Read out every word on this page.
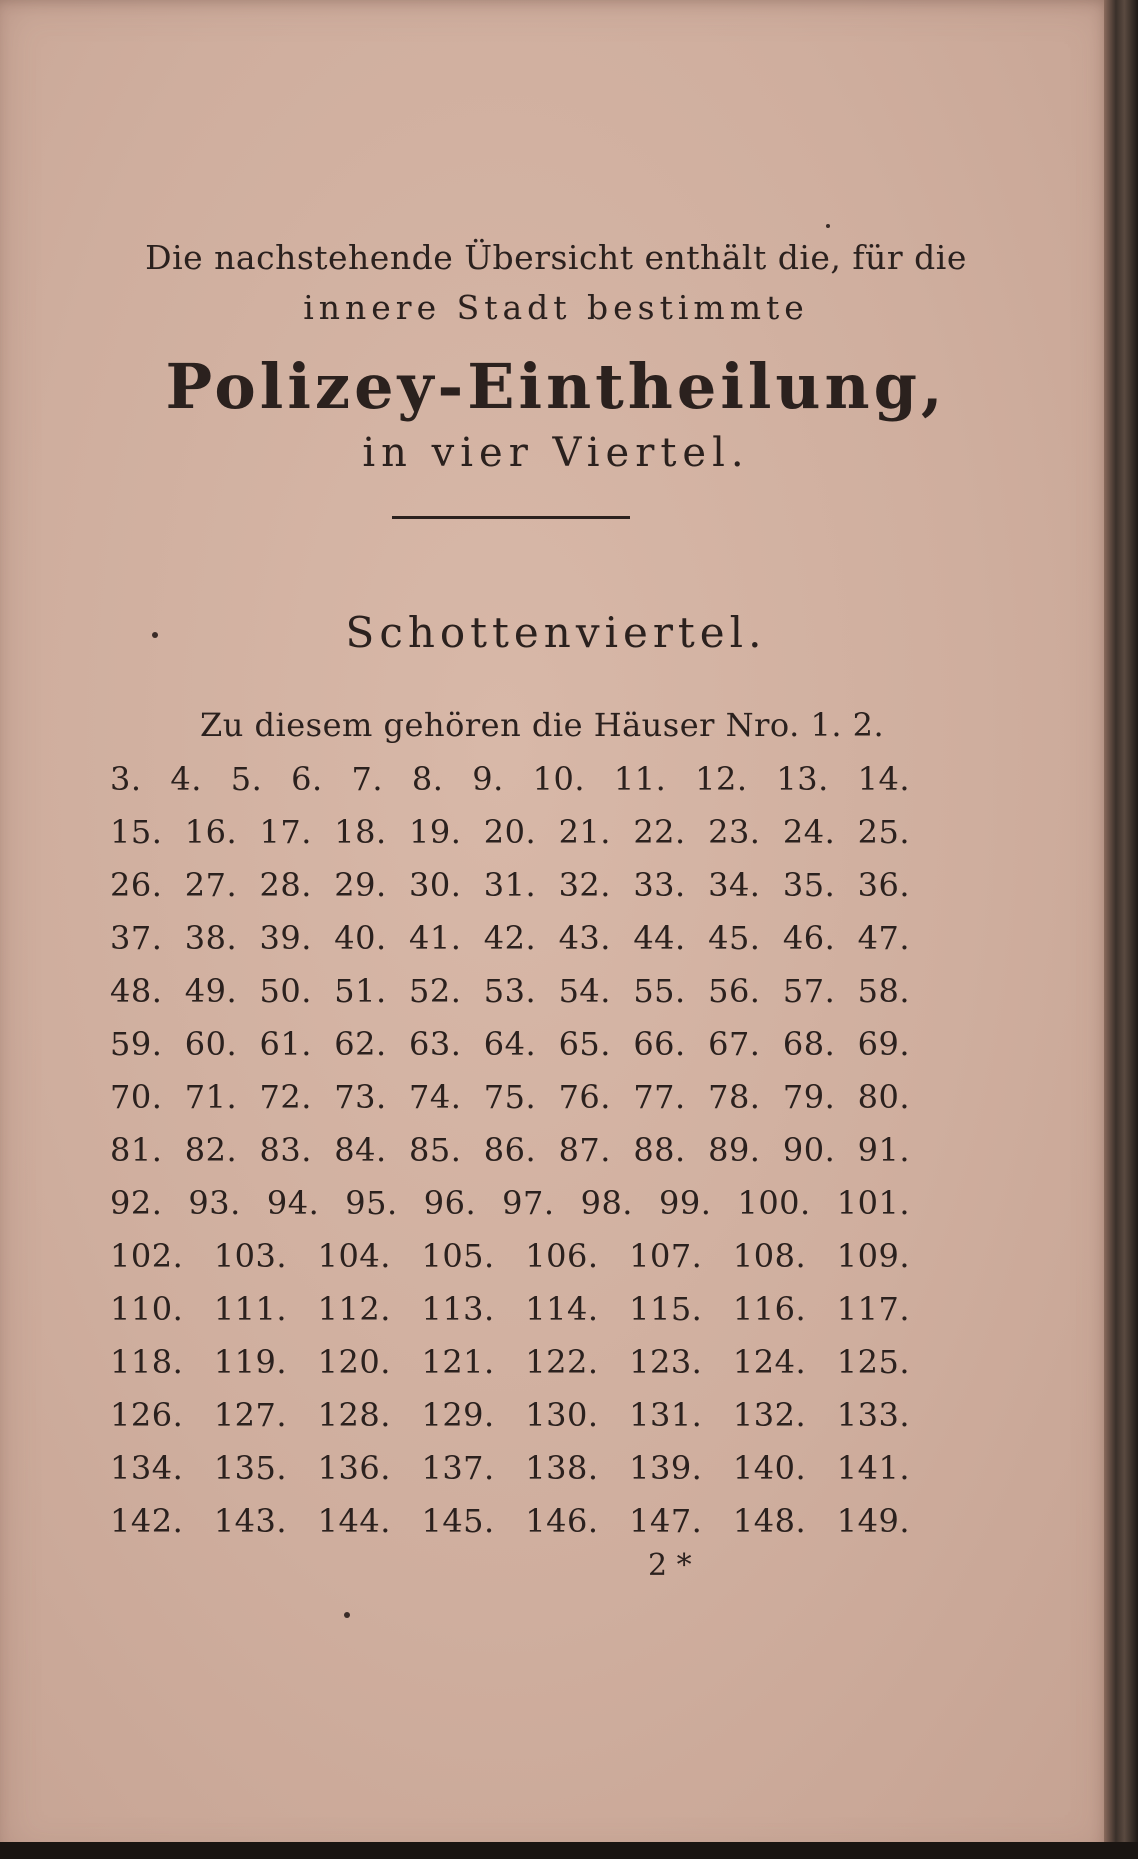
Die nachstehende Übersicht enthält die, für die
innere Stadt bestimmte
Polizey-Eintheilung,
in vier Viertel.
Schottenviertel.
Zu diesem gehören die Häuser Nro. 1. 2.
3. 4. 5. 6. 7. 8. 9. 10. 11. 12. 13. 14.
15. 16. 17. 18. 19. 20. 21. 22. 23. 24. 25.
26. 27. 28. 29. 30. 31. 32. 33. 34. 35. 36.
37. 38. 39. 40. 41. 42. 43. 44. 45. 46. 47.
48. 49. 50. 51. 52. 53. 54. 55. 56. 57. 58.
59. 60. 61. 62. 63. 64. 65. 66. 67. 68. 69.
70. 71. 72. 73. 74. 75. 76. 77. 78. 79. 80.
81. 82. 83. 84. 85. 86. 87. 88. 89. 90. 91.
92. 93. 94. 95. 96. 97. 98. 99. 100. 101.
102. 103. 104. 105. 106. 107. 108. 109.
110. 111. 112. 113. 114. 115. 116. 117.
118. 119. 120. 121. 122. 123. 124. 125.
126. 127. 128. 129. 130. 131. 132. 133.
134. 135. 136. 137. 138. 139. 140. 141.
142. 143. 144. 145. 146. 147. 148. 149.
2 *
